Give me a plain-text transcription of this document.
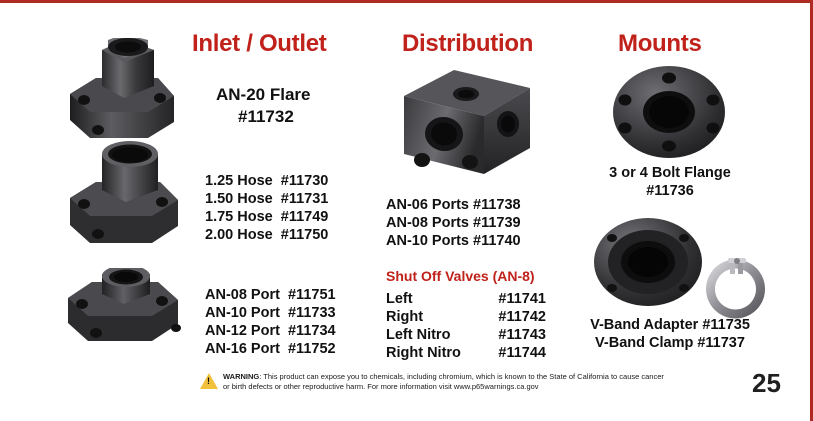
Inlet / Outlet	Distribution	Mounts
AN-20 Flare
#11732
1.25 Hose  #11730
1.50 Hose  #11731
1.75 Hose  #11749
2.00 Hose  #11750
AN-08 Port  #11751
AN-10 Port  #11733
AN-12 Port  #11734
AN-16 Port  #11752
AN-06 Ports #11738
AN-08 Ports #11739
AN-10 Ports #11740
Shut Off Valves (AN-8)
Left	#11741
Right	#11742
Left Nitro	#11743
Right Nitro	#11744
3 or 4 Bolt Flange
#11736
V-Band Adapter #11735
V-Band Clamp #11737
25
!
WARNING: This product can expose you to chemicals, including chromium, which is known to the State of California to cause cancer or birth defects or other reproductive harm. For more information visit www.p65warnings.ca.gov
